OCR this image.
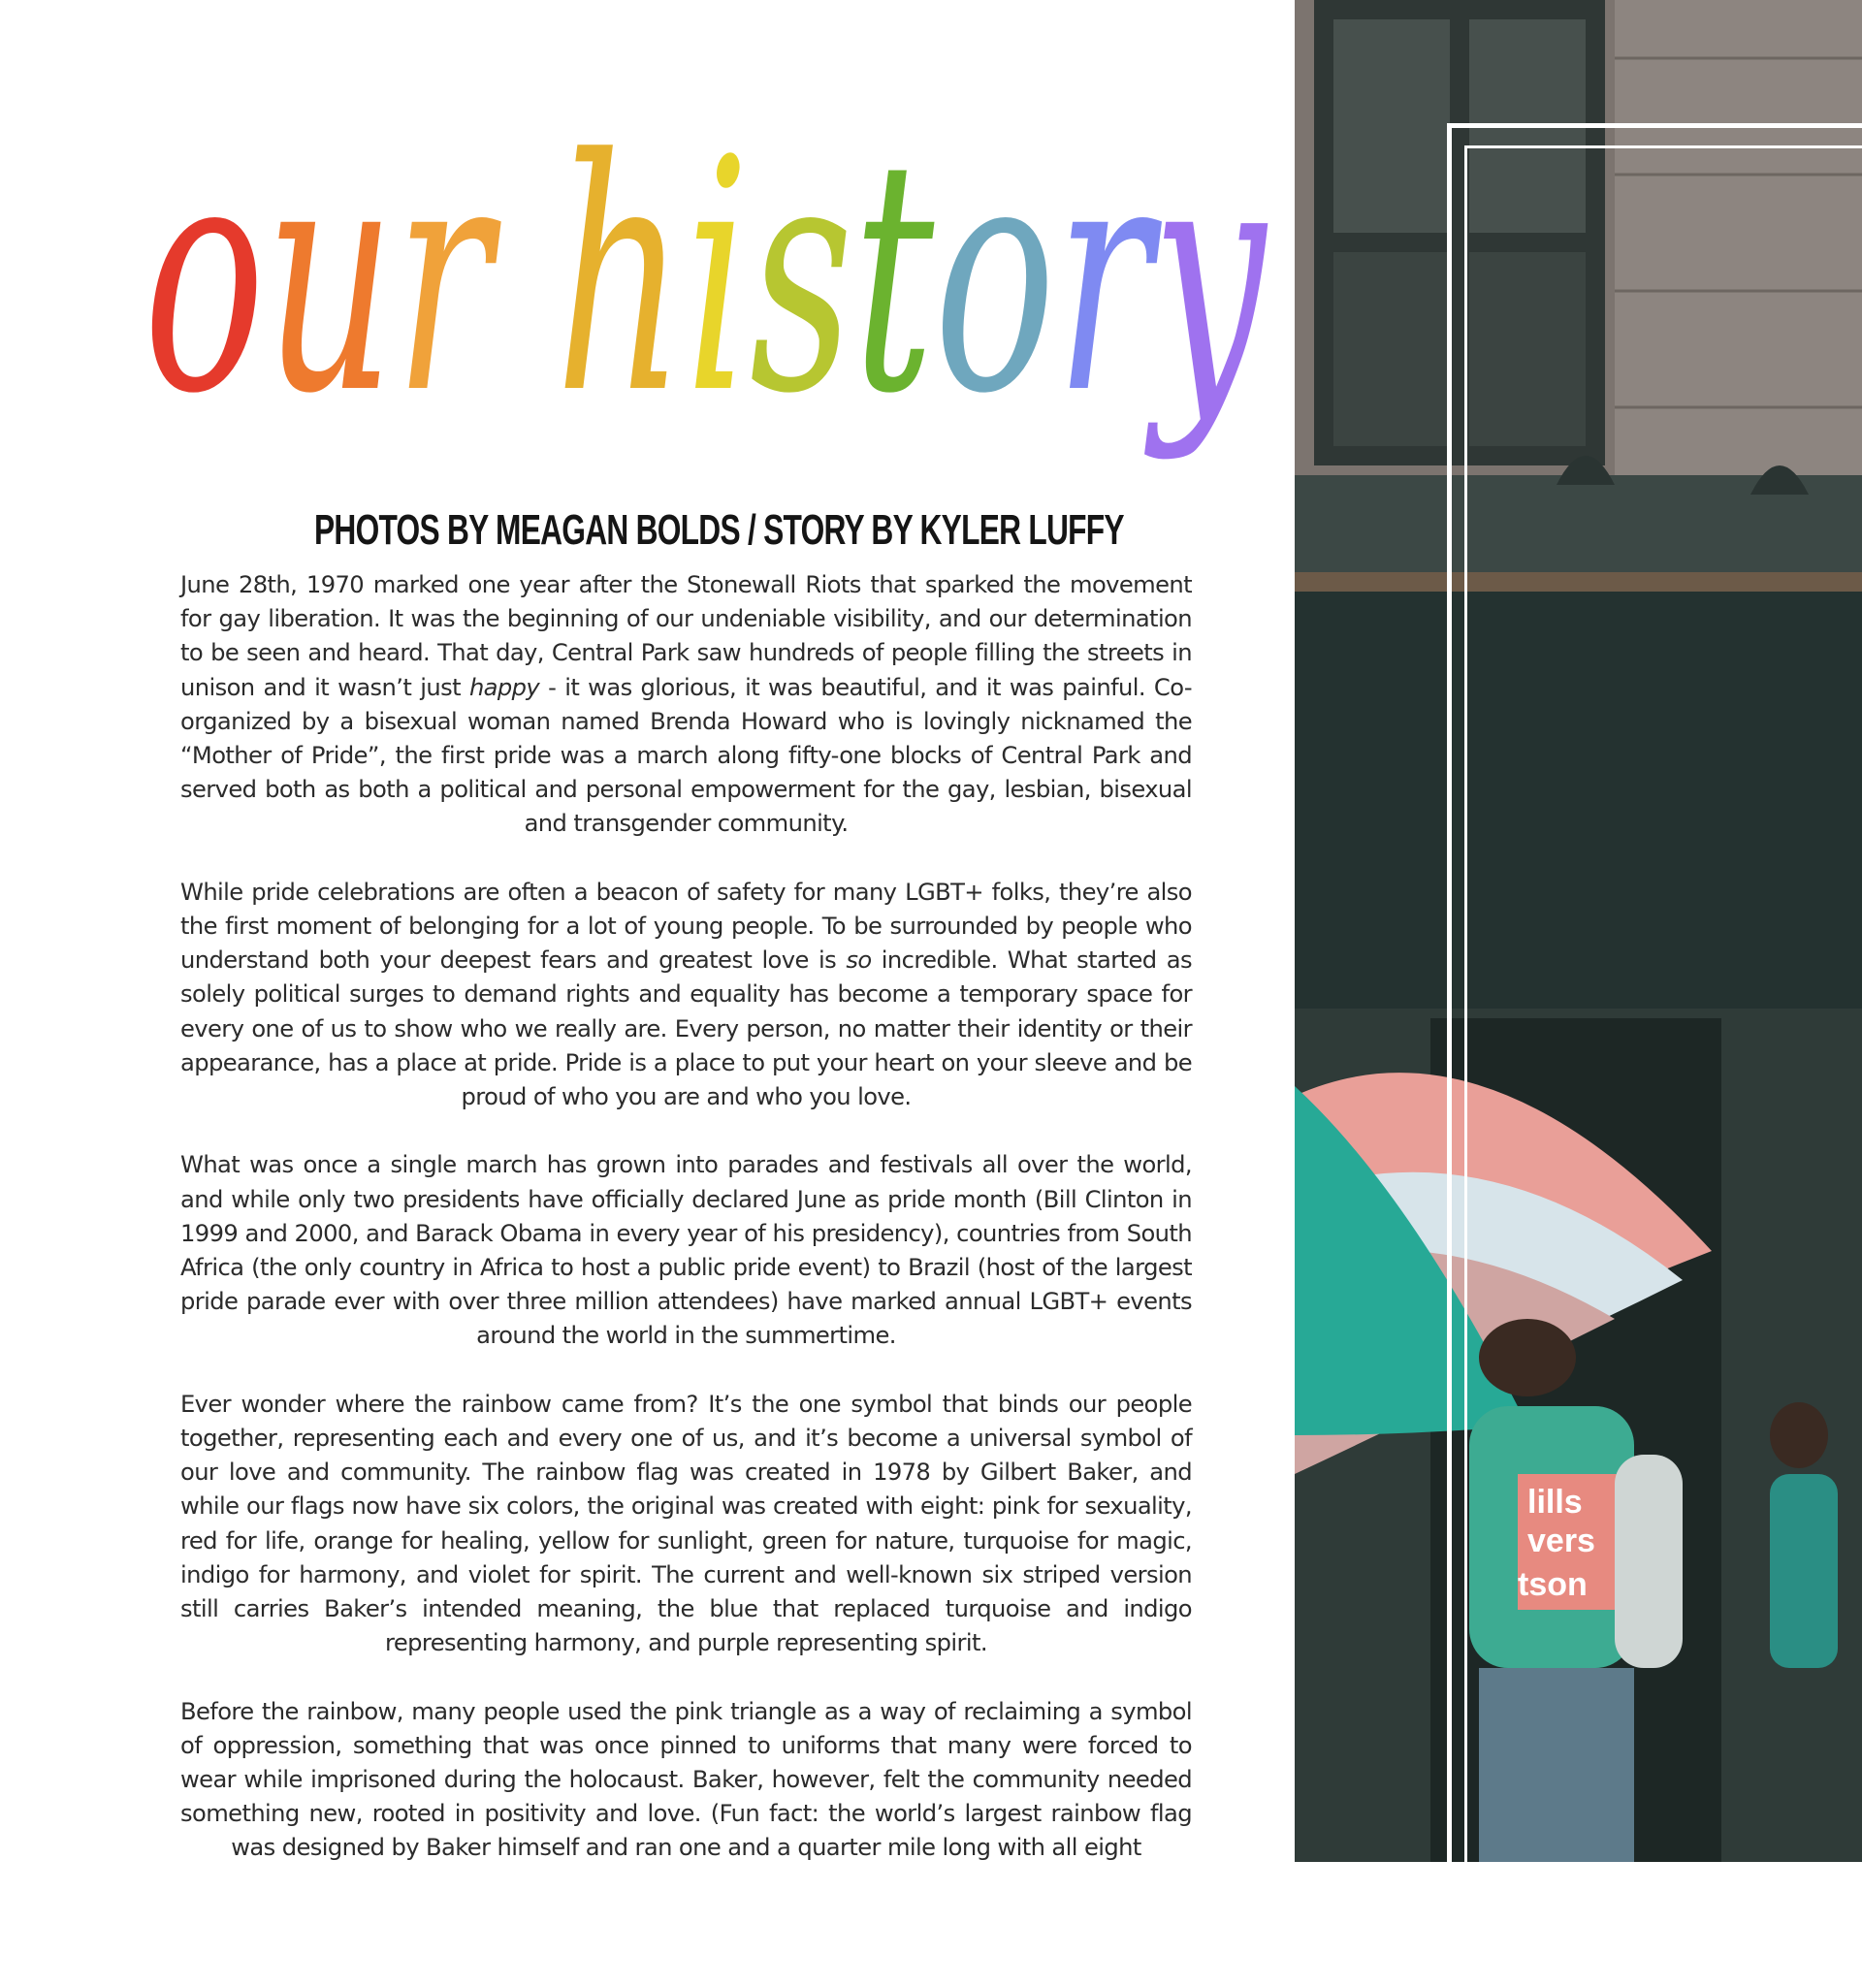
our history
PHOTOS BY MEAGAN BOLDS / STORY BY KYLER LUFFY

June 28th, 1970 marked one year after the Stonewall Riots that sparked the movement for gay liberation. It was the beginning of our undeniable visibility, and our determination to be seen and heard. That day, Central Park saw hundreds of people filling the streets in unison and it wasn’t just happy - it was glorious, it was beautiful, and it was painful. Co-organized by a bisexual woman named Brenda Howard who is lovingly nicknamed the “Mother of Pride”, the first pride was a march along fifty-one blocks of Central Park and served both as both a political and personal empowerment for the gay, lesbian, bisexual and transgender community.

While pride celebrations are often a beacon of safety for many LGBT+ folks, they’re also the first moment of belonging for a lot of young people. To be surrounded by people who understand both your deepest fears and greatest love is so incredible. What started as solely political surges to demand rights and equality has become a temporary space for every one of us to show who we really are. Every person, no matter their identity or their appearance, has a place at pride. Pride is a place to put your heart on your sleeve and be proud of who you are and who you love.

What was once a single march has grown into parades and festivals all over the world, and while only two presidents have officially declared June as pride month (Bill Clinton in 1999 and 2000, and Barack Obama in every year of his presidency), countries from South Africa (the only country in Africa to host a public pride event) to Brazil (host of the largest pride parade ever with over three million attendees) have marked annual LGBT+ events around the world in the summertime.

Ever wonder where the rainbow came from? It’s the one symbol that binds our people together, representing each and every one of us, and it’s become a universal symbol of our love and community. The rainbow flag was created in 1978 by Gilbert Baker, and while our flags now have six colors, the original was created with eight: pink for sexuality, red for life, orange for healing, yellow for sunlight, green for nature, turquoise for magic, indigo for harmony, and violet for spirit. The current and well-known six striped version still carries Baker’s intended meaning, the blue that replaced turquoise and indigo representing harmony, and purple representing spirit.

Before the rainbow, many people used the pink triangle as a way of reclaiming a symbol of oppression, something that was once pinned to uniforms that many were forced to wear while imprisoned during the holocaust. Baker, however, felt the community needed something new, rooted in positivity and love. (Fun fact: the world’s largest rainbow flag was designed by Baker himself and ran one and a quarter mile long with all eight

lills
vers
tson
